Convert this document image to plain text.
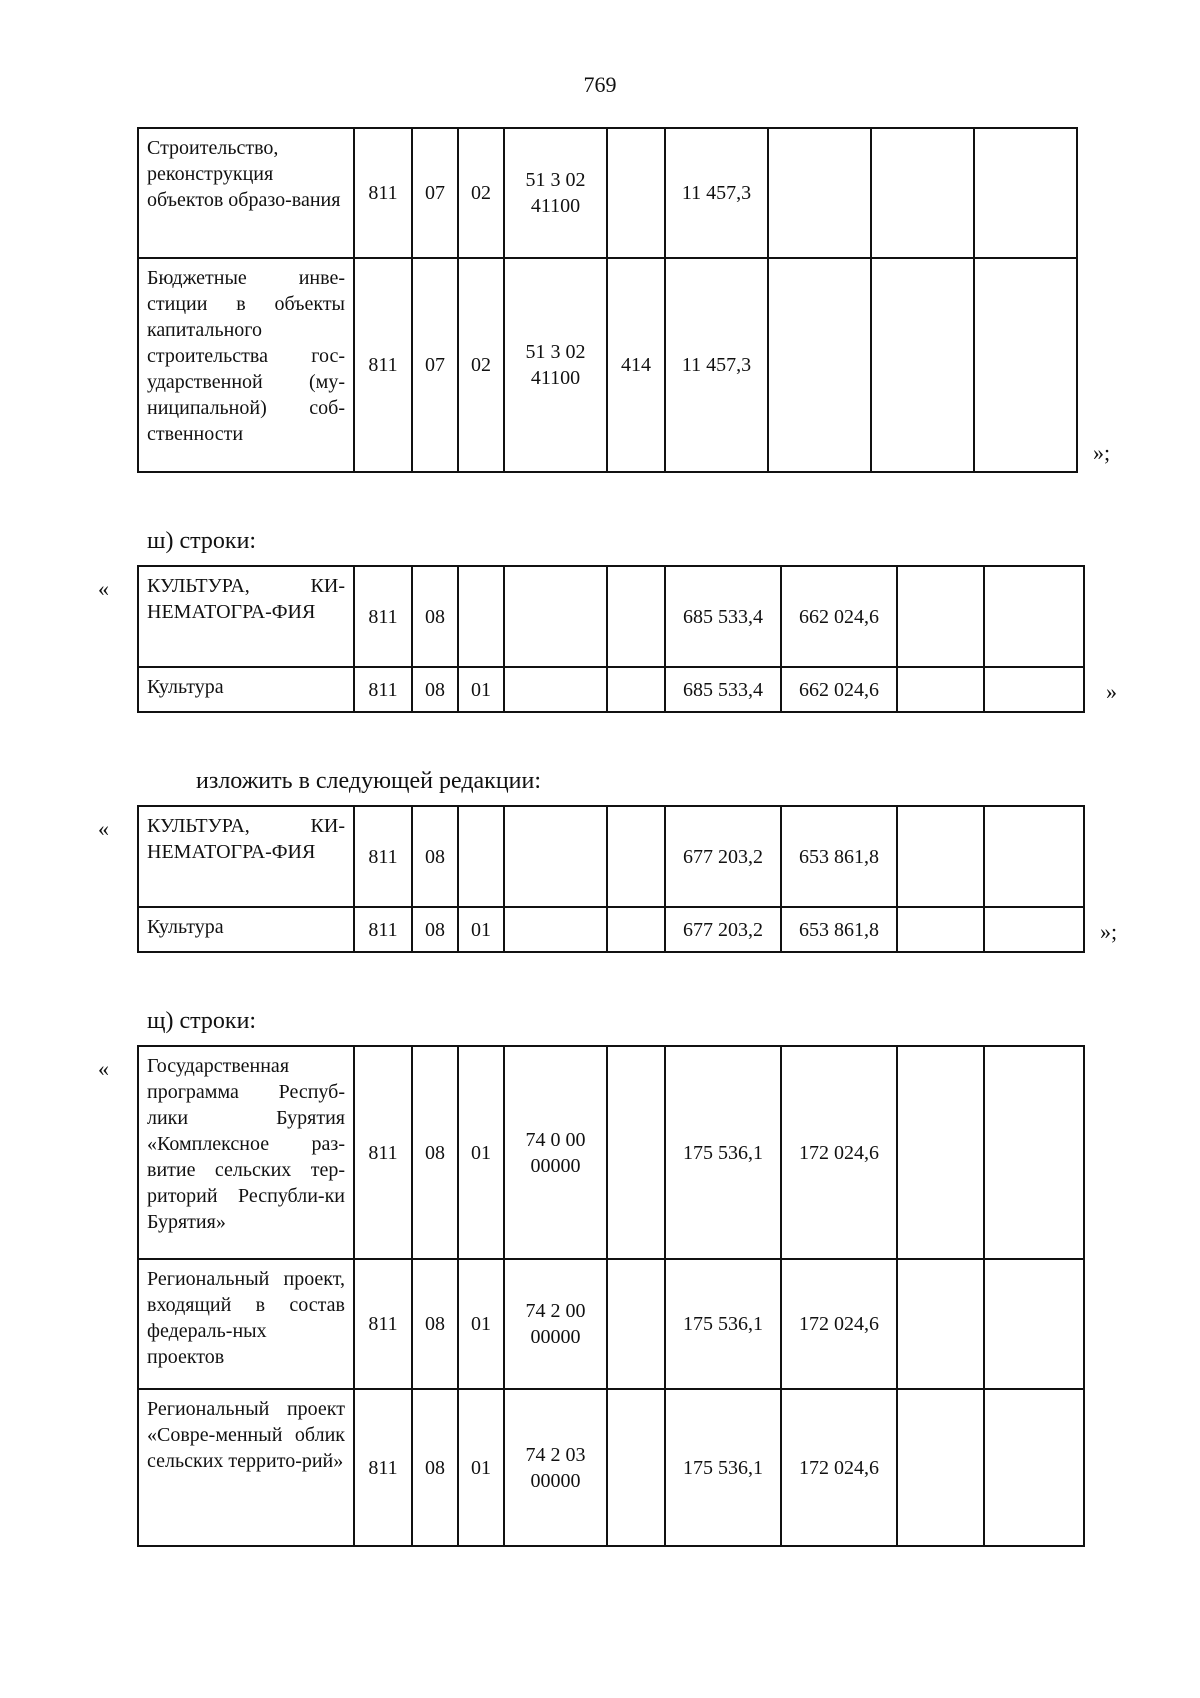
769
Строительство, реконструкция объектов образо-вания	811	07	02	51 3 02 41100		11 457,3			
Бюджетные инве-стиции в объекты капитального строительства гос-ударственной (му-ниципальной) соб-ственности	811	07	02	51 3 02 41100	414	11 457,3			
»;
ш) строки:
« КУЛЬТУРА, КИ-НЕМАТОГРА-ФИЯ	811	08				685 533,4	662 024,6		
Культура	811	08	01			685 533,4	662 024,6			»
изложить в следующей редакции:
« КУЛЬТУРА, КИ-НЕМАТОГРА-ФИЯ	811	08				677 203,2	653 861,8		
Культура	811	08	01			677 203,2	653 861,8			»;
щ) строки:
« Государственная программа Респуб-лики Бурятия «Комплексное раз-витие сельских тер-риторий Республи-ки Бурятия»	811	08	01	74 0 00 00000		175 536,1	172 024,6		
Региональный проект, входящий в состав федераль-ных проектов	811	08	01	74 2 00 00000		175 536,1	172 024,6		
Региональный проект «Совре-менный облик сельских террито-рий»	811	08	01	74 2 03 00000		175 536,1	172 024,6		
